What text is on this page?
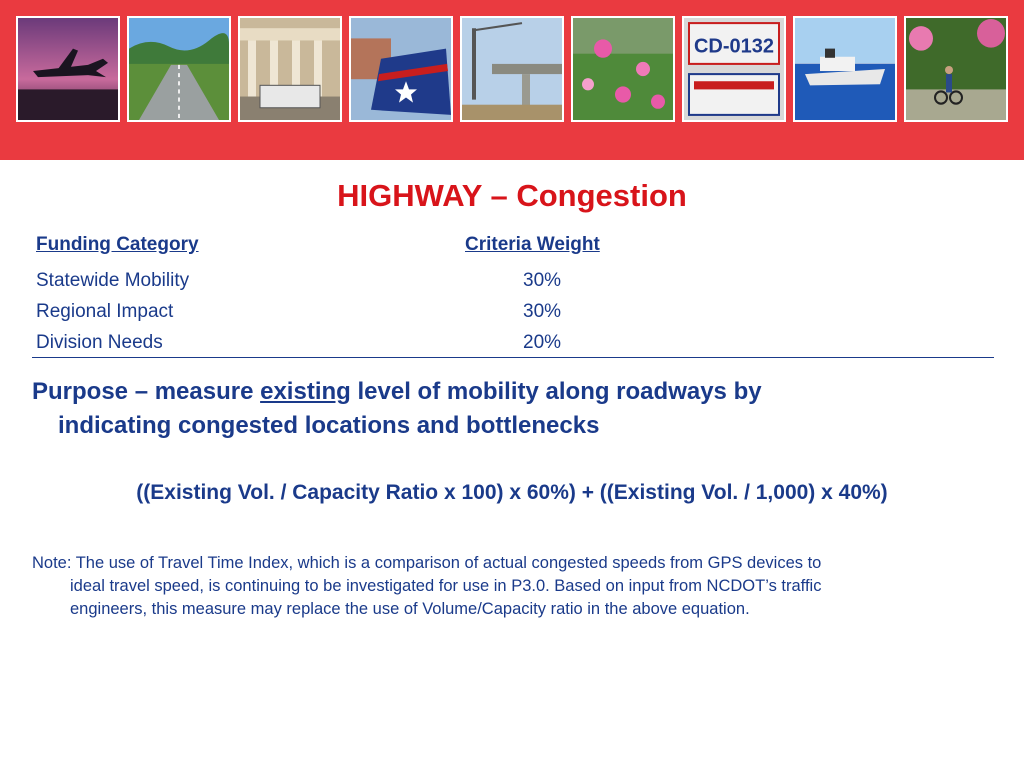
CD-0132
HIGHWAY – Congestion
Funding Category	Criteria Weight
Statewide Mobility	30%
Regional Impact	30%
Division Needs	20%
Purpose – measure existing level of mobility along roadways by
indicating congested locations and bottlenecks
((Existing Vol. / Capacity Ratio x 100) x 60%) + ((Existing Vol. / 1,000) x 40%)
Note: The use of Travel Time Index, which is a comparison of actual congested speeds from GPS devices to
ideal travel speed, is continuing to be investigated for use in P3.0. Based on input from NCDOT’s traffic
engineers, this measure may replace the use of Volume/Capacity ratio in the above equation.
